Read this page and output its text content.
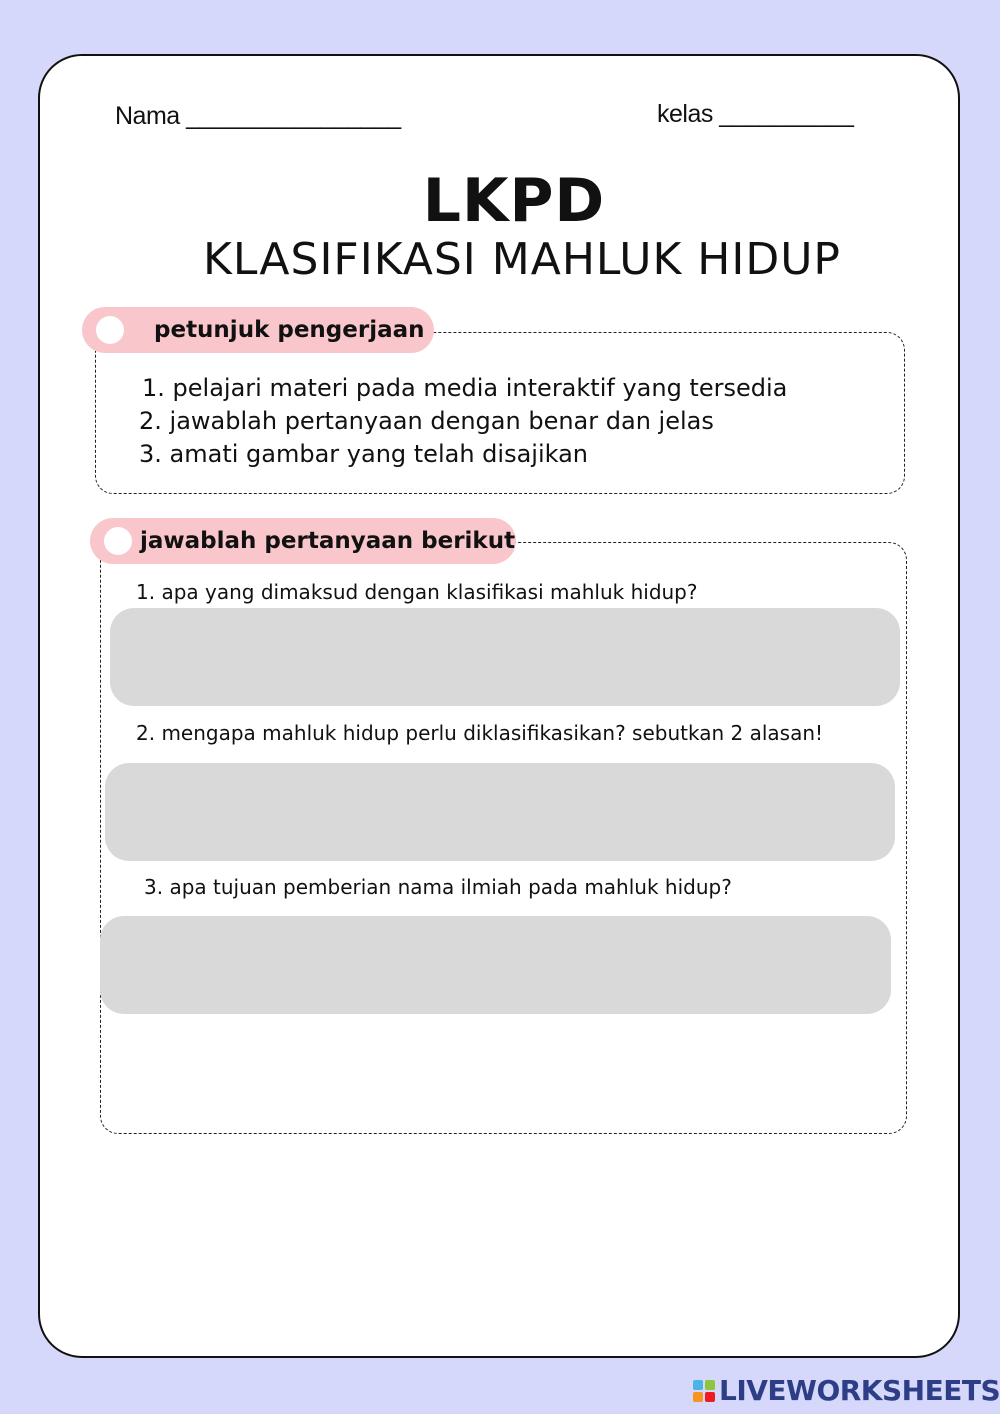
Nama ________________	kelas __________
LKPD
KLASIFIKASI MAHLUK HIDUP
petunjuk pengerjaan
1. pelajari materi pada media interaktif yang tersedia
2. jawablah pertanyaan dengan benar dan jelas
3. amati gambar yang telah disajikan
jawablah pertanyaan berikut
1. apa yang dimaksud dengan klasifikasi mahluk hidup?
2. mengapa mahluk hidup perlu diklasifikasikan? sebutkan 2 alasan!
3. apa tujuan pemberian nama ilmiah pada mahluk hidup?
LIVEWORKSHEETS
